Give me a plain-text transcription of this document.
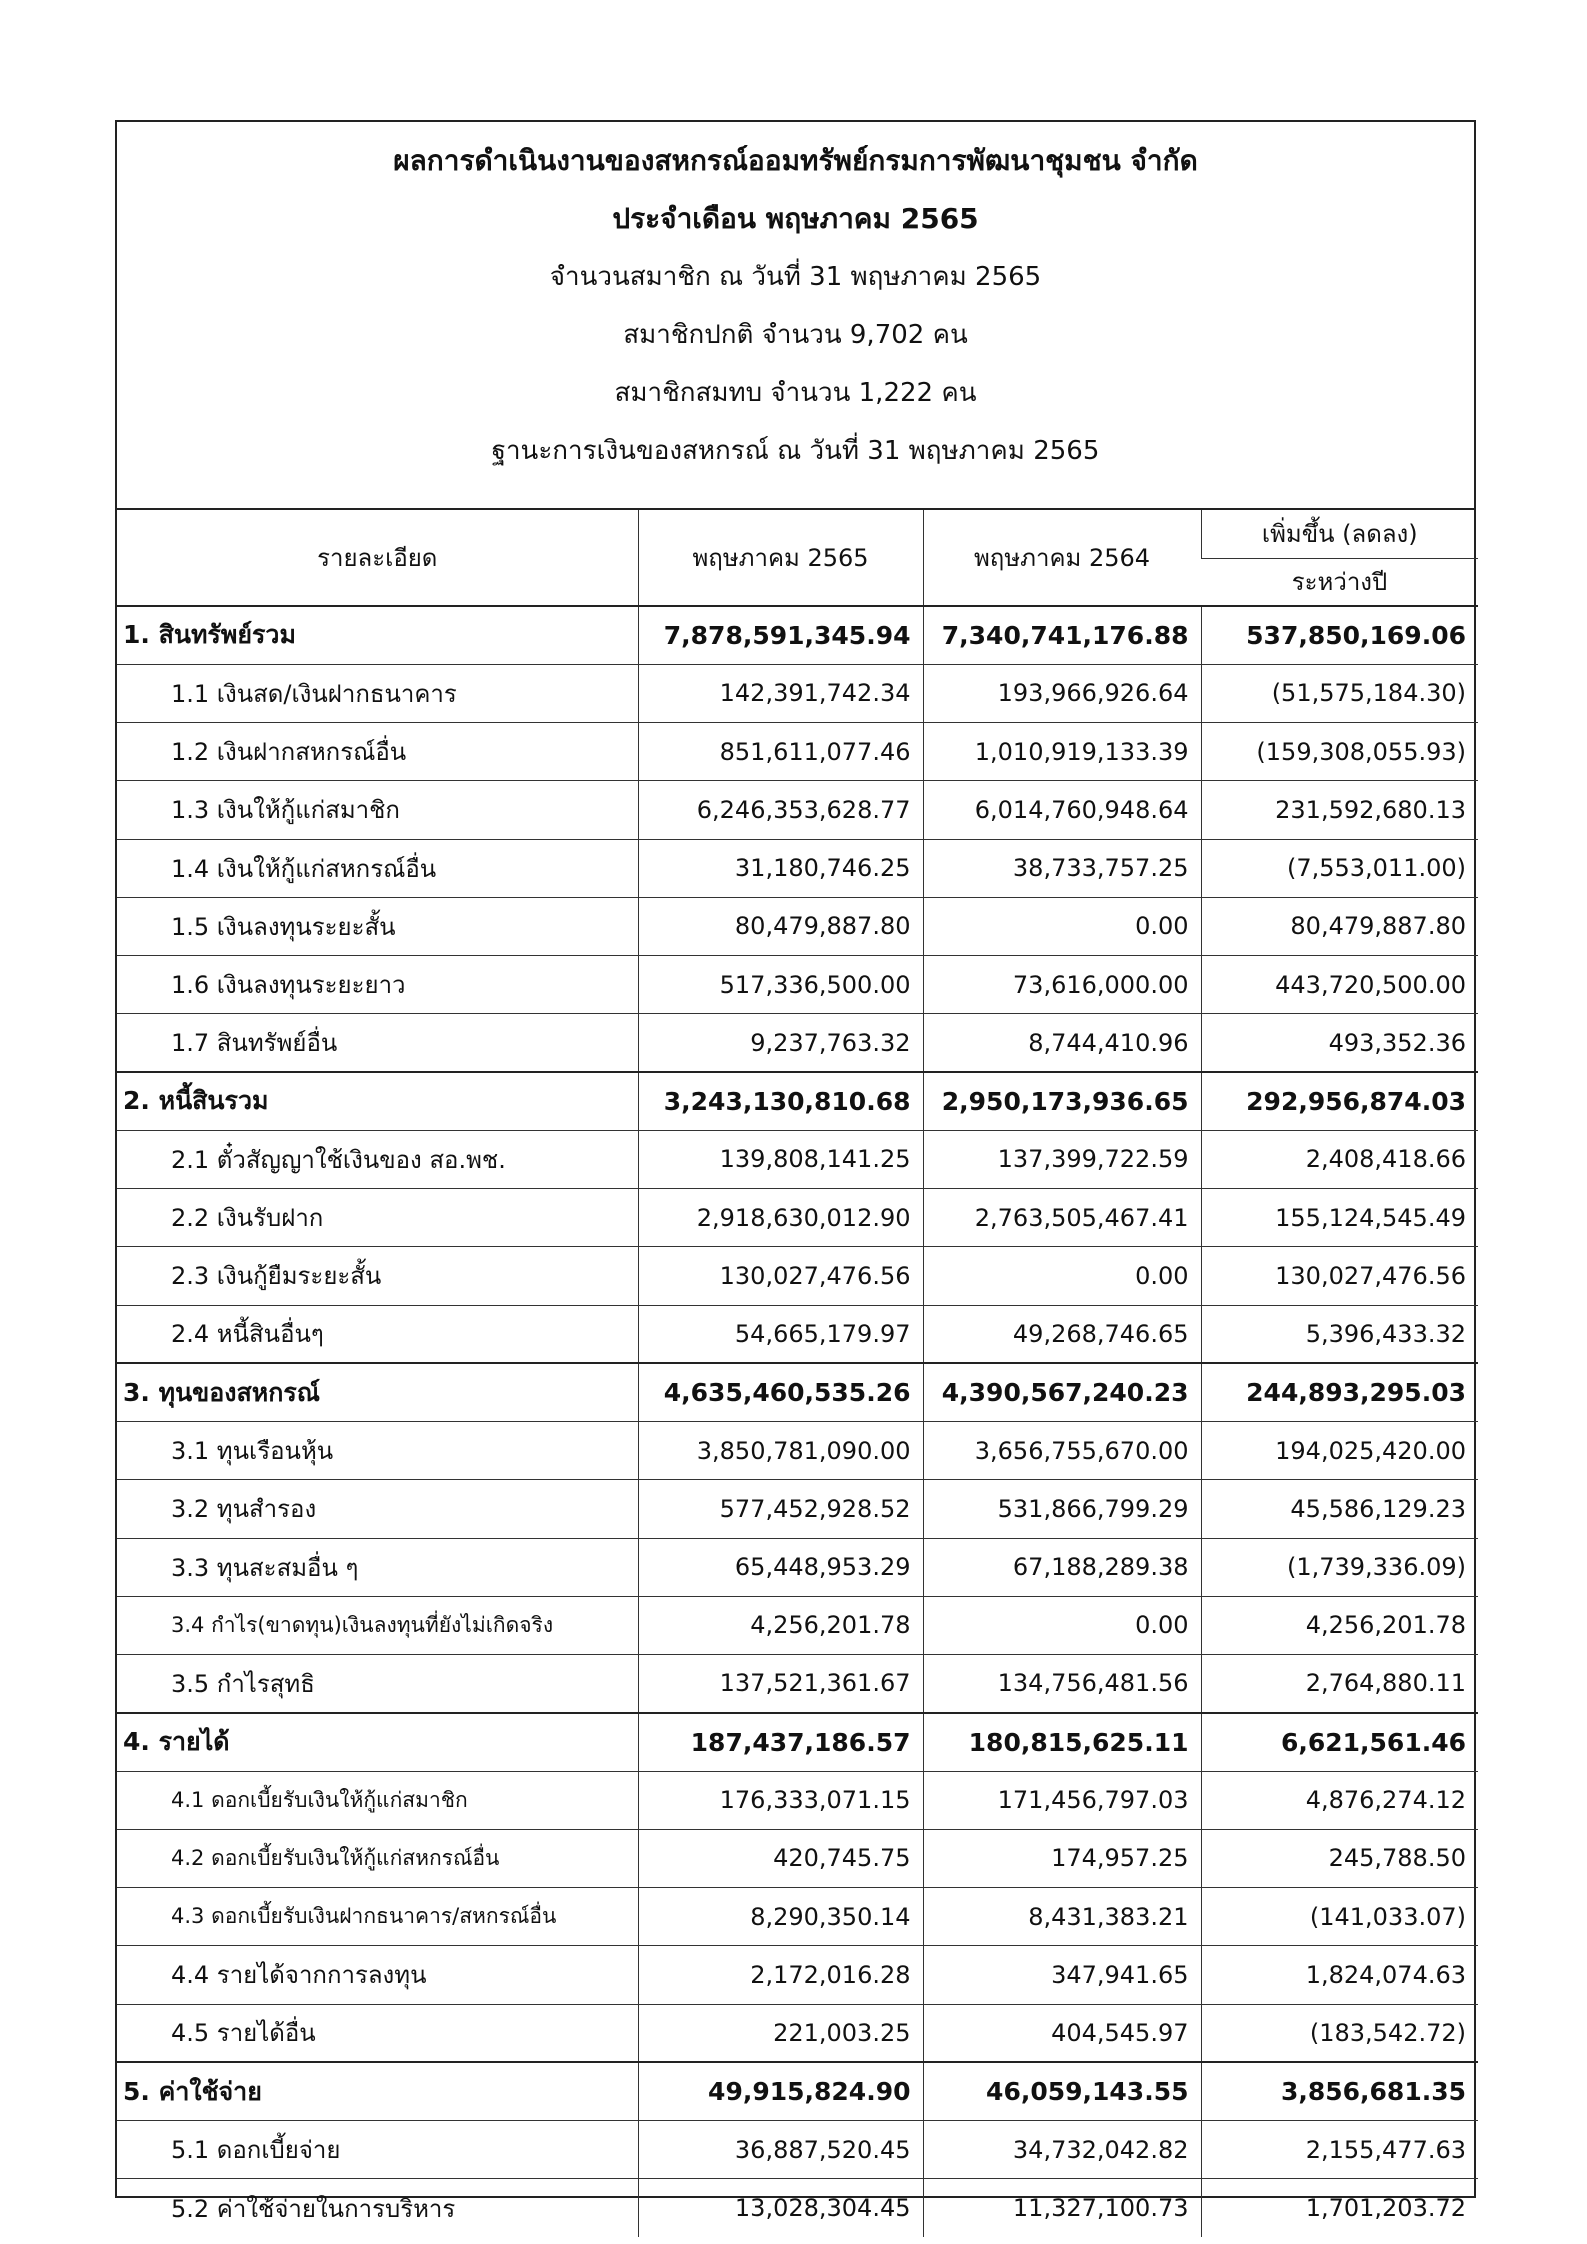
ผลการดำเนินงานของสหกรณ์ออมทรัพย์กรมการพัฒนาชุมชน จำกัด
ประจำเดือน พฤษภาคม 2565
จำนวนสมาชิก ณ วันที่ 31 พฤษภาคม 2565
สมาชิกปกติ จำนวน 9,702 คน
สมาชิกสมทบ จำนวน 1,222 คน
ฐานะการเงินของสหกรณ์ ณ วันที่ 31 พฤษภาคม 2565
รายละเอียด	พฤษภาคม 2565	พฤษภาคม 2564	เพิ่มขึ้น (ลดลง)
			ระหว่างปี
1. สินทรัพย์รวม	7,878,591,345.94	7,340,741,176.88	537,850,169.06
1.1 เงินสด/เงินฝากธนาคาร	142,391,742.34	193,966,926.64	(51,575,184.30)
1.2 เงินฝากสหกรณ์อื่น	851,611,077.46	1,010,919,133.39	(159,308,055.93)
1.3 เงินให้กู้แก่สมาชิก	6,246,353,628.77	6,014,760,948.64	231,592,680.13
1.4 เงินให้กู้แก่สหกรณ์อื่น	31,180,746.25	38,733,757.25	(7,553,011.00)
1.5 เงินลงทุนระยะสั้น	80,479,887.80	0.00	80,479,887.80
1.6 เงินลงทุนระยะยาว	517,336,500.00	73,616,000.00	443,720,500.00
1.7 สินทรัพย์อื่น	9,237,763.32	8,744,410.96	493,352.36
2. หนี้สินรวม	3,243,130,810.68	2,950,173,936.65	292,956,874.03
2.1 ตั๋วสัญญาใช้เงินของ สอ.พช.	139,808,141.25	137,399,722.59	2,408,418.66
2.2 เงินรับฝาก	2,918,630,012.90	2,763,505,467.41	155,124,545.49
2.3 เงินกู้ยืมระยะสั้น	130,027,476.56	0.00	130,027,476.56
2.4 หนี้สินอื่นๆ	54,665,179.97	49,268,746.65	5,396,433.32
3. ทุนของสหกรณ์	4,635,460,535.26	4,390,567,240.23	244,893,295.03
3.1 ทุนเรือนหุ้น	3,850,781,090.00	3,656,755,670.00	194,025,420.00
3.2 ทุนสำรอง	577,452,928.52	531,866,799.29	45,586,129.23
3.3 ทุนสะสมอื่น ๆ	65,448,953.29	67,188,289.38	(1,739,336.09)
3.4 กำไร(ขาดทุน)เงินลงทุนที่ยังไม่เกิดจริง	4,256,201.78	0.00	4,256,201.78
3.5 กำไรสุทธิ	137,521,361.67	134,756,481.56	2,764,880.11
4. รายได้	187,437,186.57	180,815,625.11	6,621,561.46
4.1 ดอกเบี้ยรับเงินให้กู้แก่สมาชิก	176,333,071.15	171,456,797.03	4,876,274.12
4.2 ดอกเบี้ยรับเงินให้กู้แก่สหกรณ์อื่น	420,745.75	174,957.25	245,788.50
4.3 ดอกเบี้ยรับเงินฝากธนาคาร/สหกรณ์อื่น	8,290,350.14	8,431,383.21	(141,033.07)
4.4 รายได้จากการลงทุน	2,172,016.28	347,941.65	1,824,074.63
4.5 รายได้อื่น	221,003.25	404,545.97	(183,542.72)
5. ค่าใช้จ่าย	49,915,824.90	46,059,143.55	3,856,681.35
5.1 ดอกเบี้ยจ่าย	36,887,520.45	34,732,042.82	2,155,477.63
5.2 ค่าใช้จ่ายในการบริหาร	13,028,304.45	11,327,100.73	1,701,203.72
